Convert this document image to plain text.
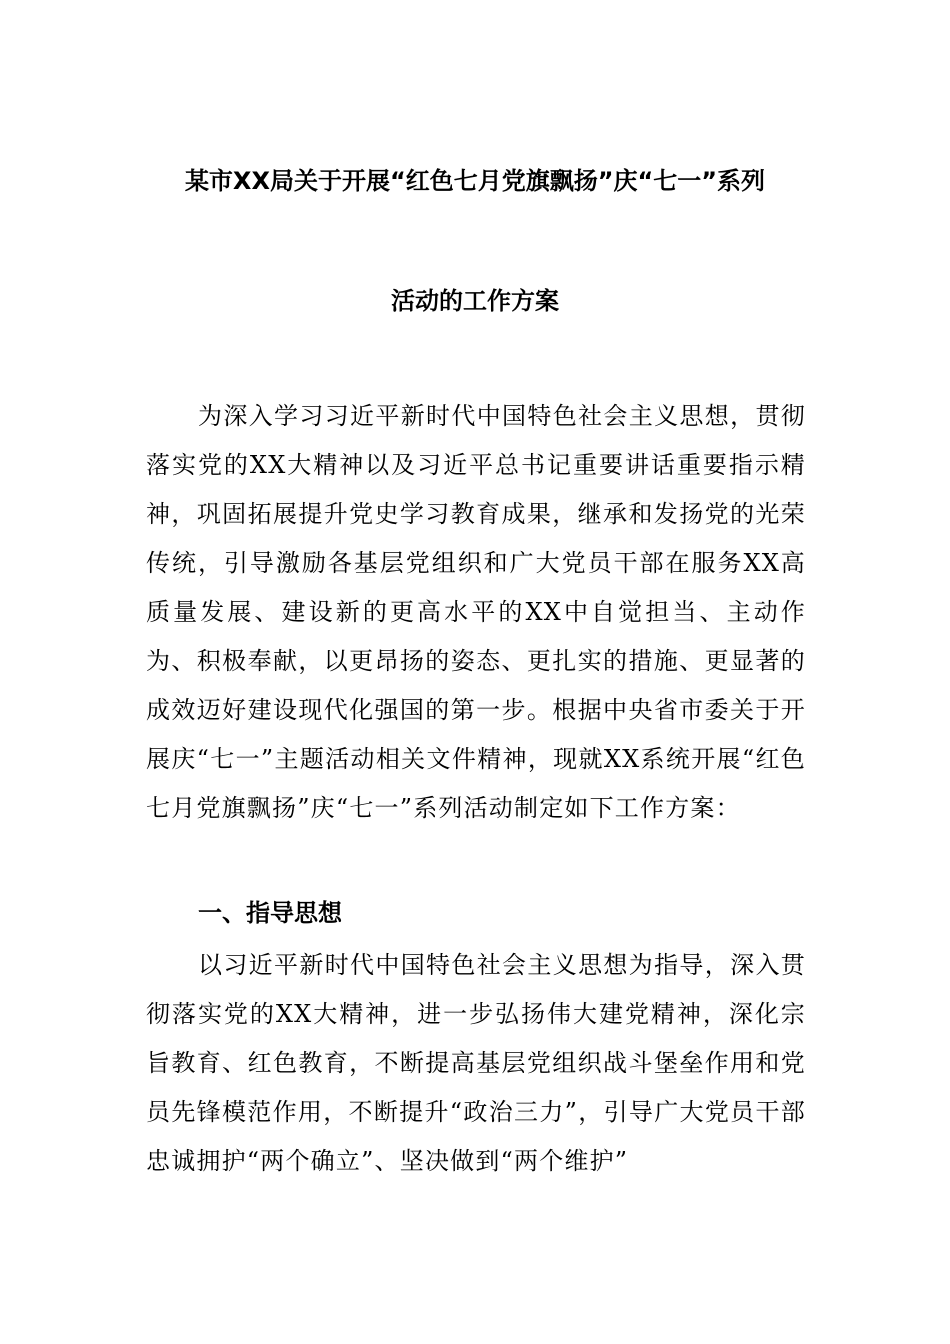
某市XX局关于开展“红色七月党旗飘扬”庆“七一”系列
活动的工作方案

为深入学习习近平新时代中国特色社会主义思想，贯彻落实党的XX大精神以及习近平总书记重要讲话重要指示精神，巩固拓展提升党史学习教育成果，继承和发扬党的光荣传统，引导激励各基层党组织和广大党员干部在服务XX高质量发展、建设新的更高水平的XX中自觉担当、主动作为、积极奉献，以更昂扬的姿态、更扎实的措施、更显著的成效迈好建设现代化强国的第一步。根据中央省市委关于开展庆“七一”主题活动相关文件精神，现就XX系统开展“红色七月党旗飘扬”庆“七一”系列活动制定如下工作方案：

一、指导思想

以习近平新时代中国特色社会主义思想为指导，深入贯彻落实党的XX大精神，进一步弘扬伟大建党精神，深化宗旨教育、红色教育，不断提高基层党组织战斗堡垒作用和党员先锋模范作用，不断提升“政治三力”，引导广大党员干部忠诚拥护“两个确立”、坚决做到“两个维护”
